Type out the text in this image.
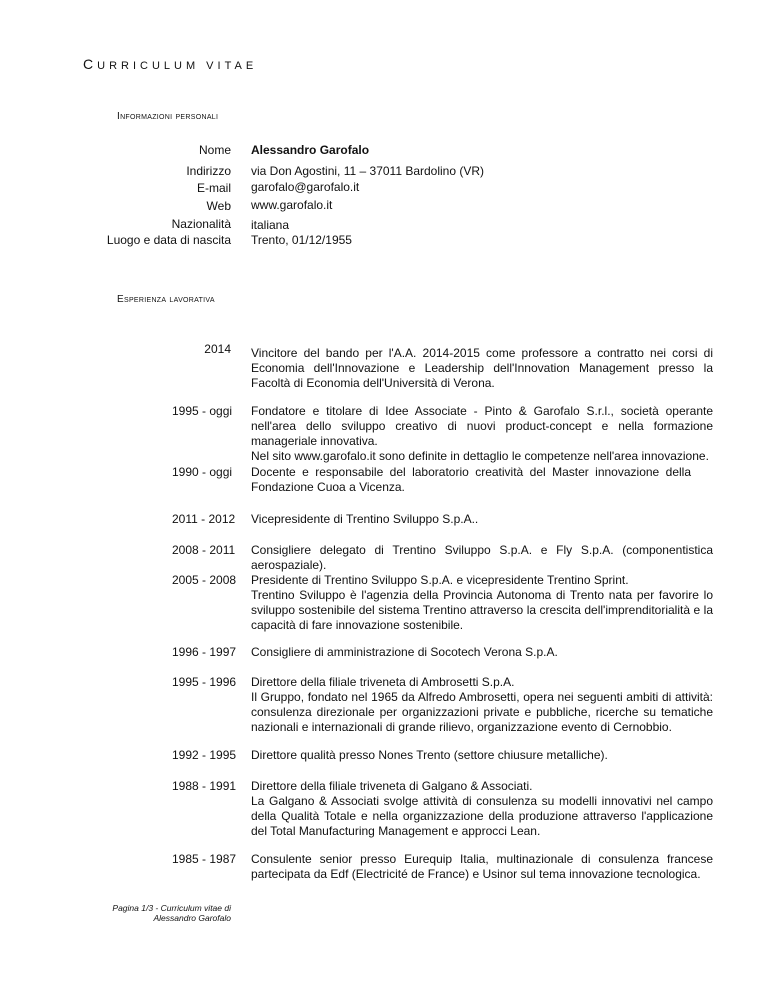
CURRICULUM VITAE
Informazioni personali
Nome Alessandro Garofalo
Indirizzo via Don Agostini, 11 – 37011 Bardolino (VR)
E-mail garofalo@garofalo.it
Web www.garofalo.it
Nazionalità italiana
Luogo e data di nascita Trento, 01/12/1955
Esperienza lavorativa
2014 Vincitore del bando per l'A.A. 2014-2015 come professore a contratto nei corsi di Economia dell'Innovazione e Leadership dell'Innovation Management presso la Facoltà di Economia dell'Università di Verona.

1995 - oggi Fondatore e titolare di Idee Associate - Pinto & Garofalo S.r.l., società operante nell'area dello sviluppo creativo di nuovi product-concept e nella formazione manageriale innovativa.

Nel sito www.garofalo.it sono definite in dettaglio le competenze nell'area innovazione.

1990 - oggi Docente e responsabile del laboratorio creatività del Master innovazione della Fondazione Cuoa a Vicenza.

2011 - 2012 Vicepresidente di Trentino Sviluppo S.p.A..

2008 - 2011 Consigliere delegato di Trentino Sviluppo S.p.A. e Fly S.p.A. (componentistica aerospaziale).

2005 - 2008 Presidente di Trentino Sviluppo S.p.A. e vicepresidente Trentino Sprint.

Trentino Sviluppo è l'agenzia della Provincia Autonoma di Trento nata per favorire lo sviluppo sostenibile del sistema Trentino attraverso la crescita dell'imprenditorialità e la capacità di fare innovazione sostenibile.

1996 - 1997 Consigliere di amministrazione di Socotech Verona S.p.A.

1995 - 1996 Direttore della filiale triveneta di Ambrosetti S.p.A.

Il Gruppo, fondato nel 1965 da Alfredo Ambrosetti, opera nei seguenti ambiti di attività: consulenza direzionale per organizzazioni private e pubbliche, ricerche su tematiche nazionali e internazionali di grande rilievo, organizzazione evento di Cernobbio.

1992 - 1995 Direttore qualità presso Nones Trento (settore chiusure metalliche).

1988 - 1991 Direttore della filiale triveneta di Galgano & Associati.

La Galgano & Associati svolge attività di consulenza su modelli innovativi nel campo della Qualità Totale e nella organizzazione della produzione attraverso l'applicazione del Total Manufacturing Management e approcci Lean.

1985 - 1987 Consulente senior presso Eurequip Italia, multinazionale di consulenza francese partecipata da Edf (Electricité de France) e Usinor sul tema innovazione tecnologica.

Pagina 1/3 - Curriculum vitae di
Alessandro Garofalo
